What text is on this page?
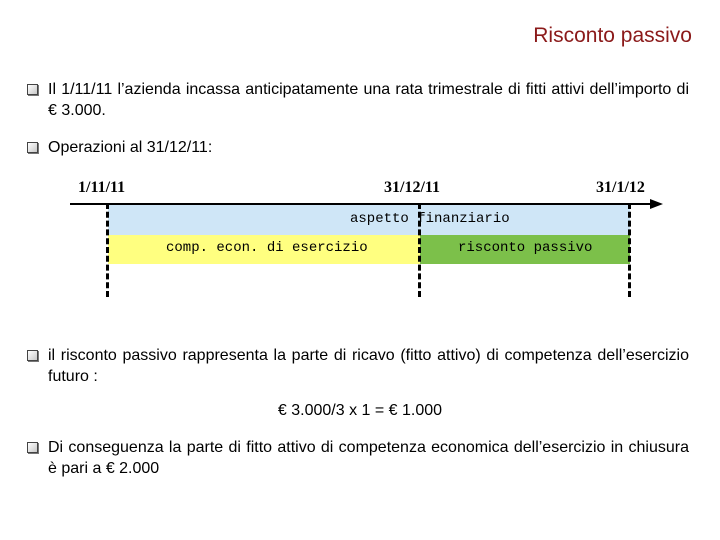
Risconto passivo
Il 1/11/11 l’azienda incassa anticipatamente una rata trimestrale di fitti attivi dell’importo di € 3.000.
Operazioni al 31/12/11:
1/11/11	31/12/11	31/1/12
aspetto finanziario
comp. econ. di esercizio	risconto passivo
il risconto passivo rappresenta la parte di ricavo (fitto attivo) di competenza dell’esercizio futuro :
€ 3.000/3 x 1 = € 1.000
Di conseguenza la parte di fitto attivo di competenza economica dell’esercizio in chiusura è pari a € 2.000
